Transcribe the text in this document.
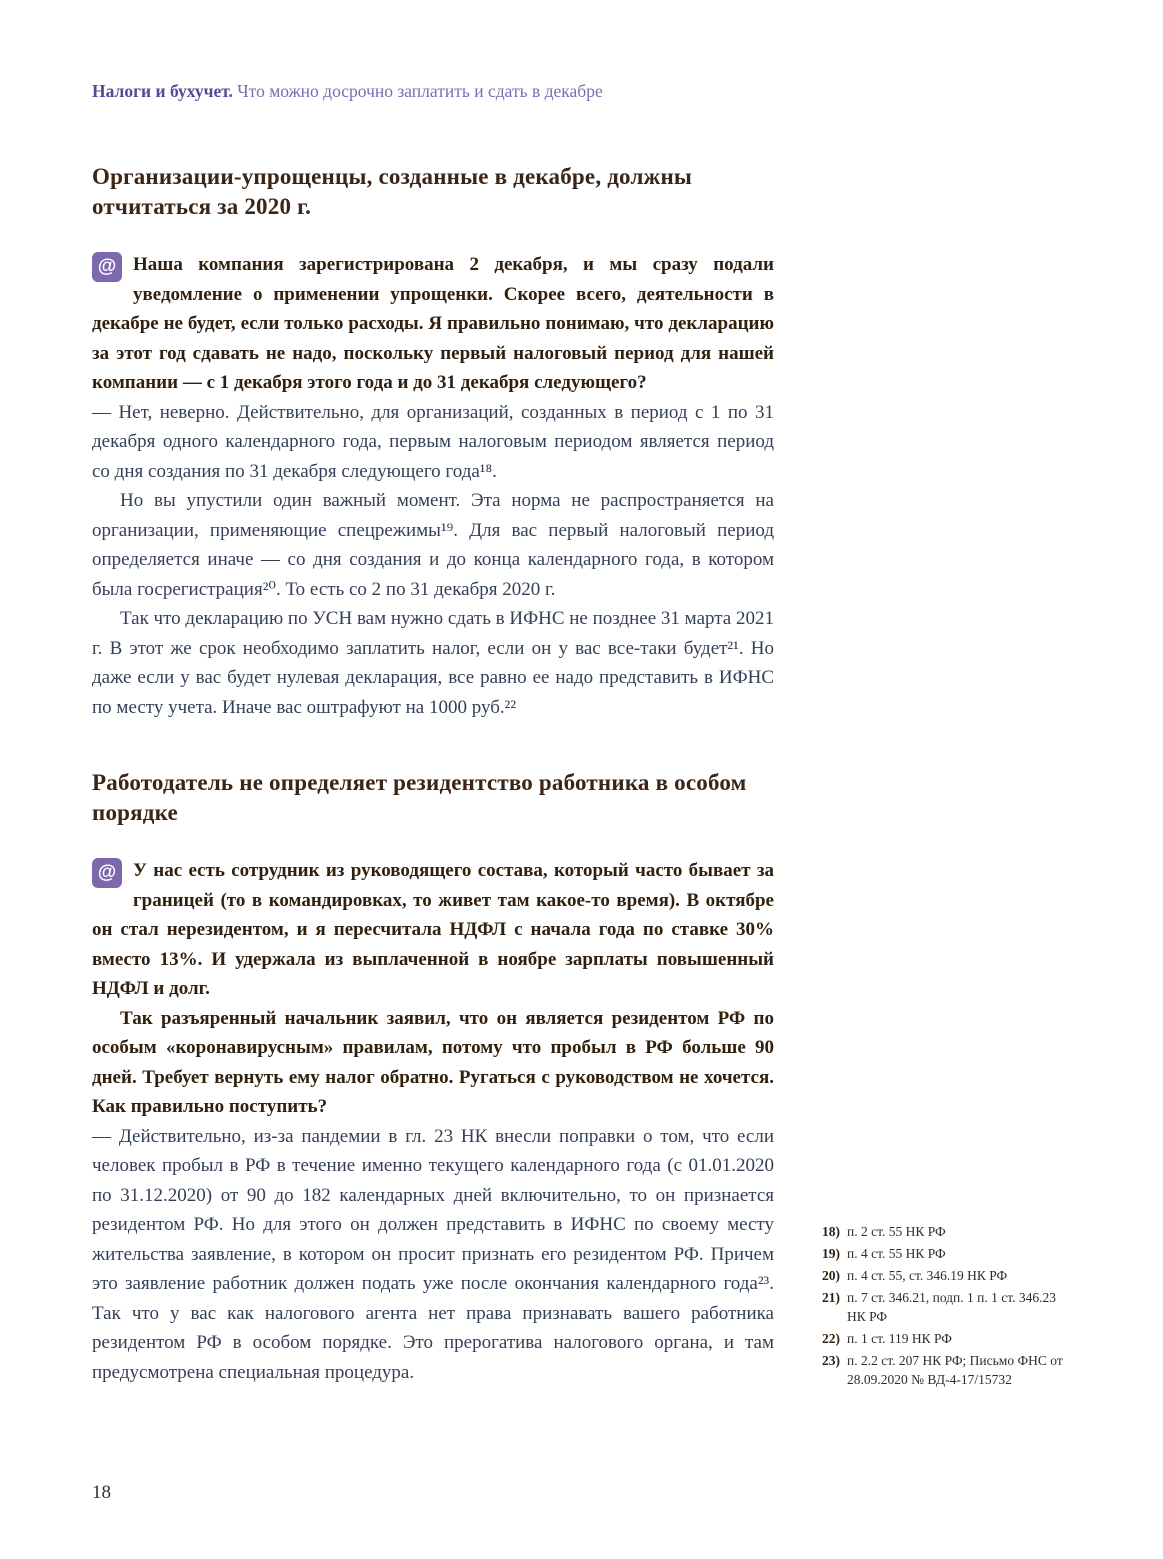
Налоги и бухучет. Что можно досрочно заплатить и сдать в декабре
Организации-упрощенцы, созданные в декабре, должны отчитаться за 2020 г.

@ Наша компания зарегистрирована 2 декабря, и мы сразу подали уведомление о применении упрощенки. Скорее всего, деятельности в декабре не будет, если только расходы. Я правильно понимаю, что декларацию за этот год сдавать не надо, поскольку первый налоговый период для нашей компании — с 1 декабря этого года и до 31 декабря следующего?

— Нет, неверно. Действительно, для организаций, созданных в период с 1 по 31 декабря одного календарного года, первым налоговым периодом является период со дня создания по 31 декабря следующего года¹⁸.

Но вы упустили один важный момент. Эта норма не распространяется на организации, применяющие спецрежимы¹⁹. Для вас первый налоговый период определяется иначе — со дня создания и до конца календарного года, в котором была госрегистрация²⁰. То есть со 2 по 31 декабря 2020 г.

Так что декларацию по УСН вам нужно сдать в ИФНС не позднее 31 марта 2021 г. В этот же срок необходимо заплатить налог, если он у вас все-таки будет²¹. Но даже если у вас будет нулевая декларация, все равно ее надо представить в ИФНС по месту учета. Иначе вас оштрафуют на 1000 руб.²²

Работодатель не определяет резидентство работника в особом порядке

@ У нас есть сотрудник из руководящего состава, который часто бывает за границей (то в командировках, то живет там какое-то время). В октябре он стал нерезидентом, и я пересчитала НДФЛ с начала года по ставке 30% вместо 13%. И удержала из выплаченной в ноябре зарплаты повышенный НДФЛ и долг.

Так разъяренный начальник заявил, что он является резидентом РФ по особым «коронавирусным» правилам, потому что пробыл в РФ больше 90 дней. Требует вернуть ему налог обратно. Ругаться с руководством не хочется. Как правильно поступить?

— Действительно, из-за пандемии в гл. 23 НК внесли поправки о том, что если человек пробыл в РФ в течение именно текущего календарного года (с 01.01.2020 по 31.12.2020) от 90 до 182 календарных дней включительно, то он признается резидентом РФ. Но для этого он должен представить в ИФНС по своему месту жительства заявление, в котором он просит признать его резидентом РФ. Причем это заявление работник должен подать уже после окончания календарного года²³. Так что у вас как налогового агента нет права признавать вашего работника резидентом РФ в особом порядке. Это прерогатива налогового органа, и там предусмотрена специальная процедура.

18) п. 2 ст. 55 НК РФ
19) п. 4 ст. 55 НК РФ
20) п. 4 ст. 55, ст. 346.19 НК РФ
21) п. 7 ст. 346.21, подп. 1 п. 1 ст. 346.23 НК РФ
22) п. 1 ст. 119 НК РФ
23) п. 2.2 ст. 207 НК РФ; Письмо ФНС от 28.09.2020 № ВД-4-17/15732
18
